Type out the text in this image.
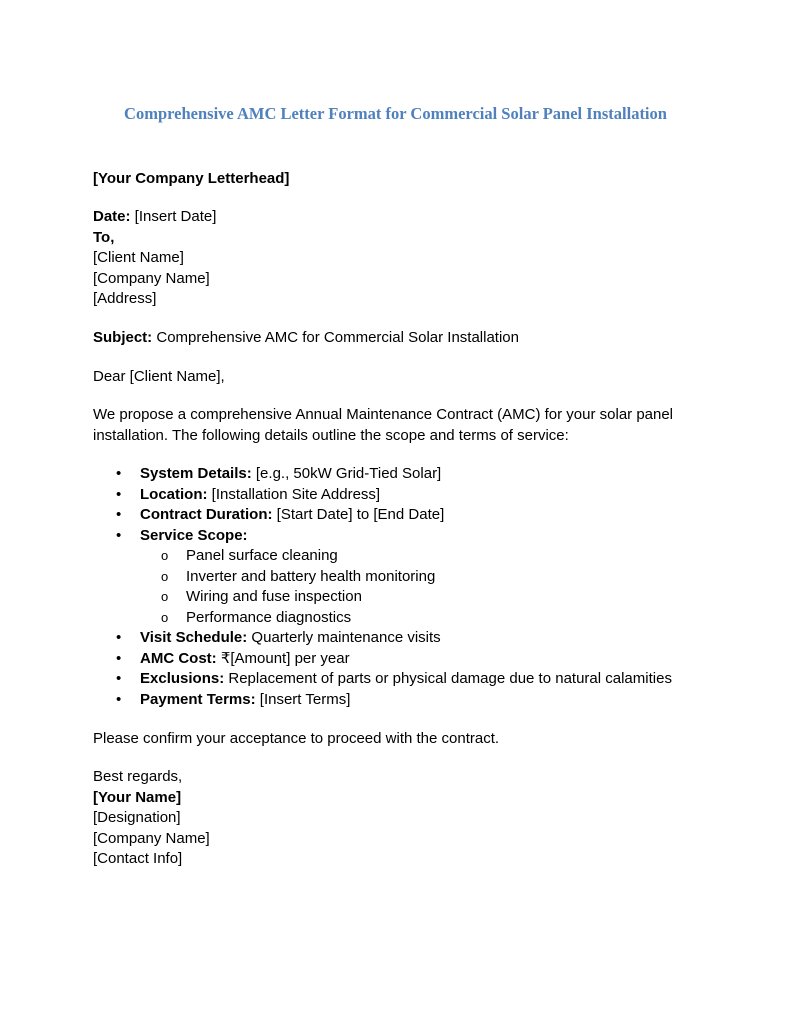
Comprehensive AMC Letter Format for Commercial Solar Panel Installation
[Your Company Letterhead]
Date: [Insert Date]
To,
[Client Name]
[Company Name]
[Address]
Subject: Comprehensive AMC for Commercial Solar Installation
Dear [Client Name],
We propose a comprehensive Annual Maintenance Contract (AMC) for your solar panel
installation. The following details outline the scope and terms of service:
•	System Details: [e.g., 50kW Grid-Tied Solar]
•	Location: [Installation Site Address]
•	Contract Duration: [Start Date] to [End Date]
•	Service Scope:
o	Panel surface cleaning
o	Inverter and battery health monitoring
o	Wiring and fuse inspection
o	Performance diagnostics
•	Visit Schedule: Quarterly maintenance visits
•	AMC Cost: ₹[Amount] per year
•	Exclusions: Replacement of parts or physical damage due to natural calamities
•	Payment Terms: [Insert Terms]
Please confirm your acceptance to proceed with the contract.
Best regards,
[Your Name]
[Designation]
[Company Name]
[Contact Info]
